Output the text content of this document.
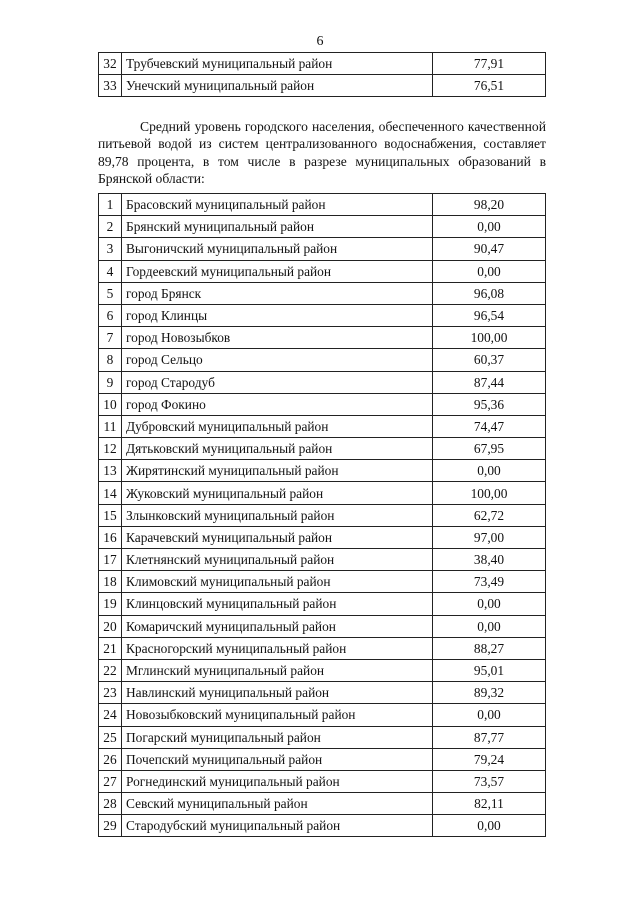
6
32	Трубчевский муниципальный район	77,91
33	Унечский муниципальный район	76,51

Средний уровень городского населения, обеспеченного качественной питьевой водой из систем централизованного водоснабжения, составляет 89,78 процента, в том числе в разрезе муниципальных образований в Брянской области:

1	Брасовский муниципальный район	98,20
2	Брянский муниципальный район	0,00
3	Выгоничский муниципальный район	90,47
4	Гордеевский муниципальный район	0,00
5	город Брянск	96,08
6	город Клинцы	96,54
7	город Новозыбков	100,00
8	город Сельцо	60,37
9	город Стародуб	87,44
10	город Фокино	95,36
11	Дубровский муниципальный район	74,47
12	Дятьковский муниципальный район	67,95
13	Жирятинский муниципальный район	0,00
14	Жуковский муниципальный район	100,00
15	Злынковский муниципальный район	62,72
16	Карачевский муниципальный район	97,00
17	Клетнянский муниципальный район	38,40
18	Климовский муниципальный район	73,49
19	Клинцовский муниципальный район	0,00
20	Комаричский муниципальный район	0,00
21	Красногорский муниципальный район	88,27
22	Мглинский муниципальный район	95,01
23	Навлинский муниципальный район	89,32
24	Новозыбковский муниципальный район	0,00
25	Погарский муниципальный район	87,77
26	Почепский муниципальный район	79,24
27	Рогнединский муниципальный район	73,57
28	Севский муниципальный район	82,11
29	Стародубский муниципальный район	0,00
